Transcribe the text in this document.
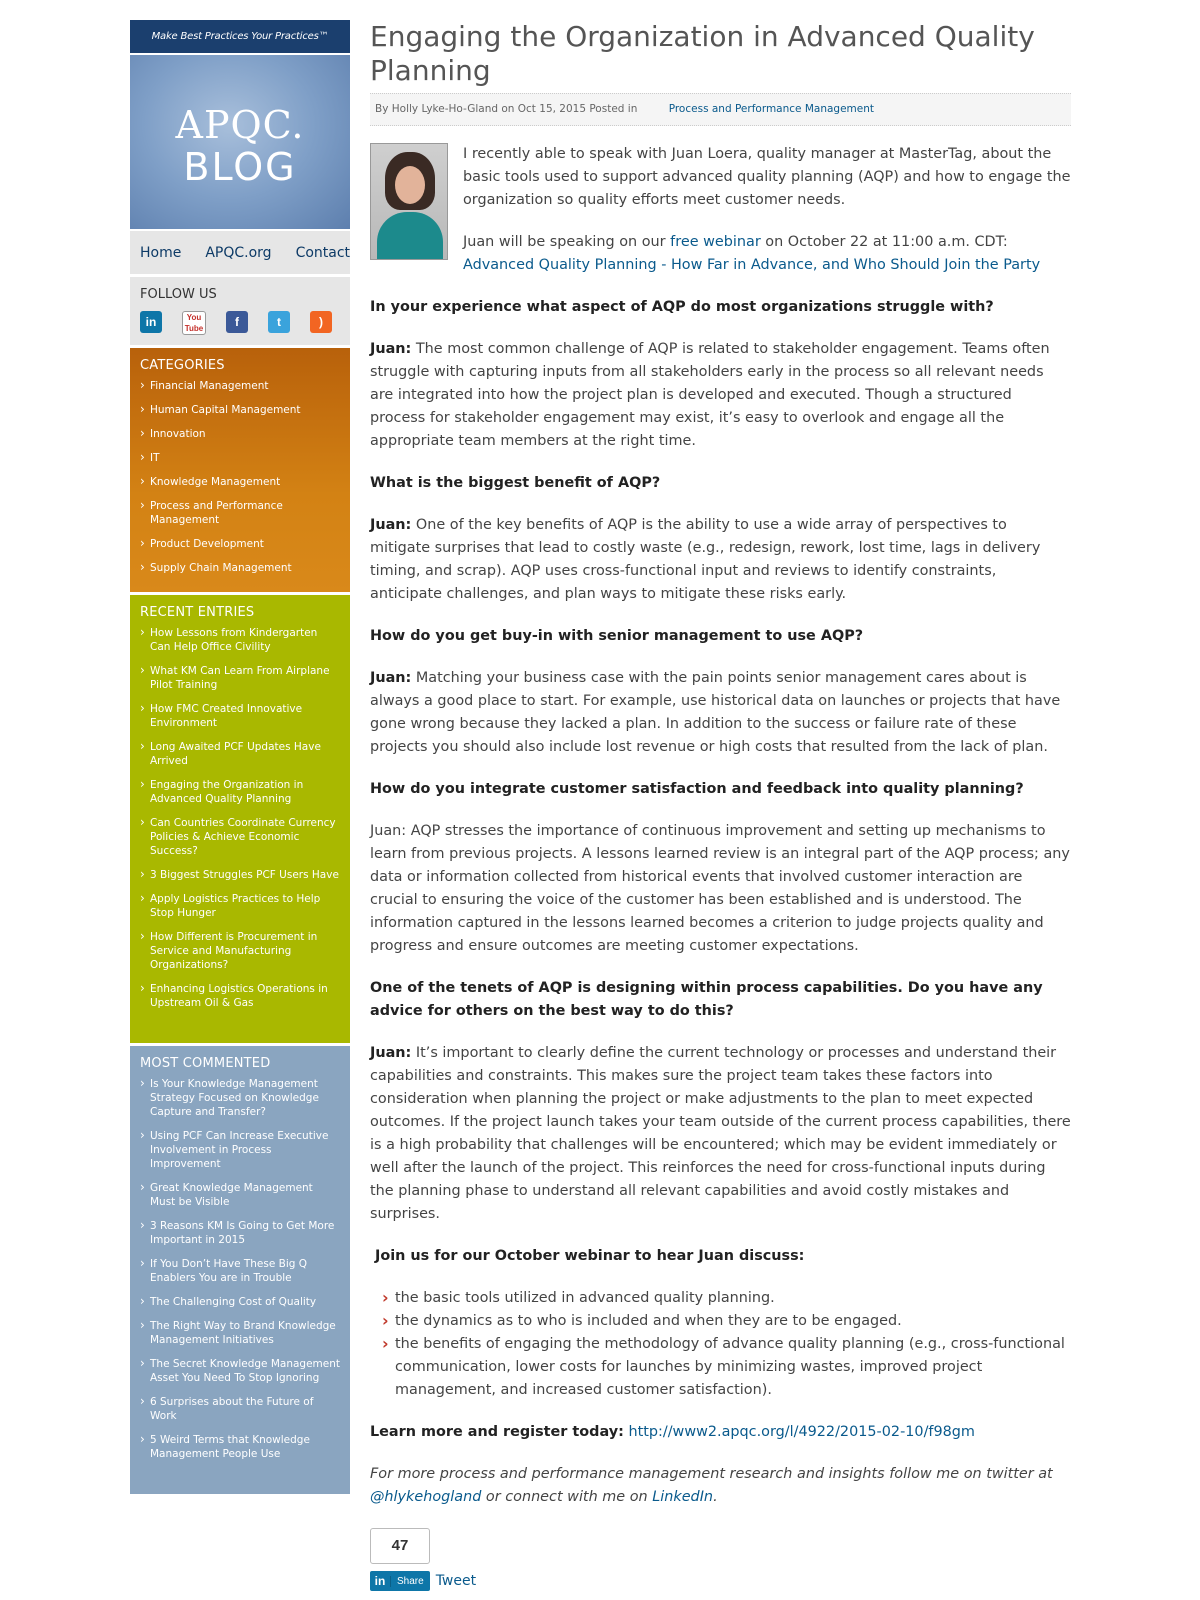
Make Best Practices Your Practices™
APQC.
BLOG
Home APQC.org Contact
FOLLOW US
in	You
Tube	f	t	)
CATEGORIES
› Financial Management
› Human Capital Management
› Innovation
› IT
› Knowledge Management
› Process and Performance Management
› Product Development
› Supply Chain Management
RECENT ENTRIES
› How Lessons from Kindergarten Can Help Office Civility
› What KM Can Learn From Airplane Pilot Training
› How FMC Created Innovative Environment
› Long Awaited PCF Updates Have Arrived
› Engaging the Organization in Advanced Quality Planning
› Can Countries Coordinate Currency Policies & Achieve Economic Success?
› 3 Biggest Struggles PCF Users Have
› Apply Logistics Practices to Help Stop Hunger
› How Different is Procurement in Service and Manufacturing Organizations?
› Enhancing Logistics Operations in Upstream Oil & Gas
MOST COMMENTED
› Is Your Knowledge Management Strategy Focused on Knowledge Capture and Transfer?
› Using PCF Can Increase Executive Involvement in Process Improvement
› Great Knowledge Management Must be Visible
› 3 Reasons KM Is Going to Get More Important in 2015
› If You Don’t Have These Big Q Enablers You are in Trouble
› The Challenging Cost of Quality
› The Right Way to Brand Knowledge Management Initiatives
› The Secret Knowledge Management Asset You Need To Stop Ignoring
› 6 Surprises about the Future of Work
› 5 Weird Terms that Knowledge Management People Use
Engaging the Organization in Advanced Quality Planning
By Holly Lyke-Ho-Gland on Oct 15, 2015 Posted in	Process and Performance Management

I recently able to speak with Juan Loera, quality manager at MasterTag, about the basic tools used to support advanced quality planning (AQP) and how to engage the organization so quality efforts meet customer needs.

Juan will be speaking on our free webinar on October 22 at 11:00 a.m. CDT:
Advanced Quality Planning - How Far in Advance, and Who Should Join the Party

In your experience what aspect of AQP do most organizations struggle with?

Juan: The most common challenge of AQP is related to stakeholder engagement. Teams often struggle with capturing inputs from all stakeholders early in the process so all relevant needs are integrated into how the project plan is developed and executed. Though a structured process for stakeholder engagement may exist, it’s easy to overlook and engage all the appropriate team members at the right time.

What is the biggest benefit of AQP?

Juan: One of the key benefits of AQP is the ability to use a wide array of perspectives to mitigate surprises that lead to costly waste (e.g., redesign, rework, lost time, lags in delivery timing, and scrap). AQP uses cross-functional input and reviews to identify constraints, anticipate challenges, and plan ways to mitigate these risks early.

How do you get buy-in with senior management to use AQP?

Juan: Matching your business case with the pain points senior management cares about is always a good place to start. For example, use historical data on launches or projects that have gone wrong because they lacked a plan. In addition to the success or failure rate of these projects you should also include lost revenue or high costs that resulted from the lack of plan.

How do you integrate customer satisfaction and feedback into quality planning?

Juan: AQP stresses the importance of continuous improvement and setting up mechanisms to learn from previous projects. A lessons learned review is an integral part of the AQP process; any data or information collected from historical events that involved customer interaction are crucial to ensuring the voice of the customer has been established and is understood. The information captured in the lessons learned becomes a criterion to judge projects quality and progress and ensure outcomes are meeting customer expectations.

One of the tenets of AQP is designing within process capabilities. Do you have any advice for others on the best way to do this?

Juan: It’s important to clearly define the current technology or processes and understand their capabilities and constraints. This makes sure the project team takes these factors into consideration when planning the project or make adjustments to the plan to meet expected outcomes. If the project launch takes your team outside of the current process capabilities, there is a high probability that challenges will be encountered; which may be evident immediately or well after the launch of the project. This reinforces the need for cross-functional inputs during the planning phase to understand all relevant capabilities and avoid costly mistakes and surprises.

Join us for our October webinar to hear Juan discuss:

› the basic tools utilized in advanced quality planning.
› the dynamics as to who is included and when they are to be engaged.
› the benefits of engaging the methodology of advance quality planning (e.g., cross-functional communication, lower costs for launches by minimizing wastes, improved project management, and increased customer satisfaction).

Learn more and register today: http://www2.apqc.org/l/4922/2015-02-10/f98gm

For more process and performance management research and insights follow me on twitter at @hlykehogland or connect with me on LinkedIn.

47
in	Share Tweet
